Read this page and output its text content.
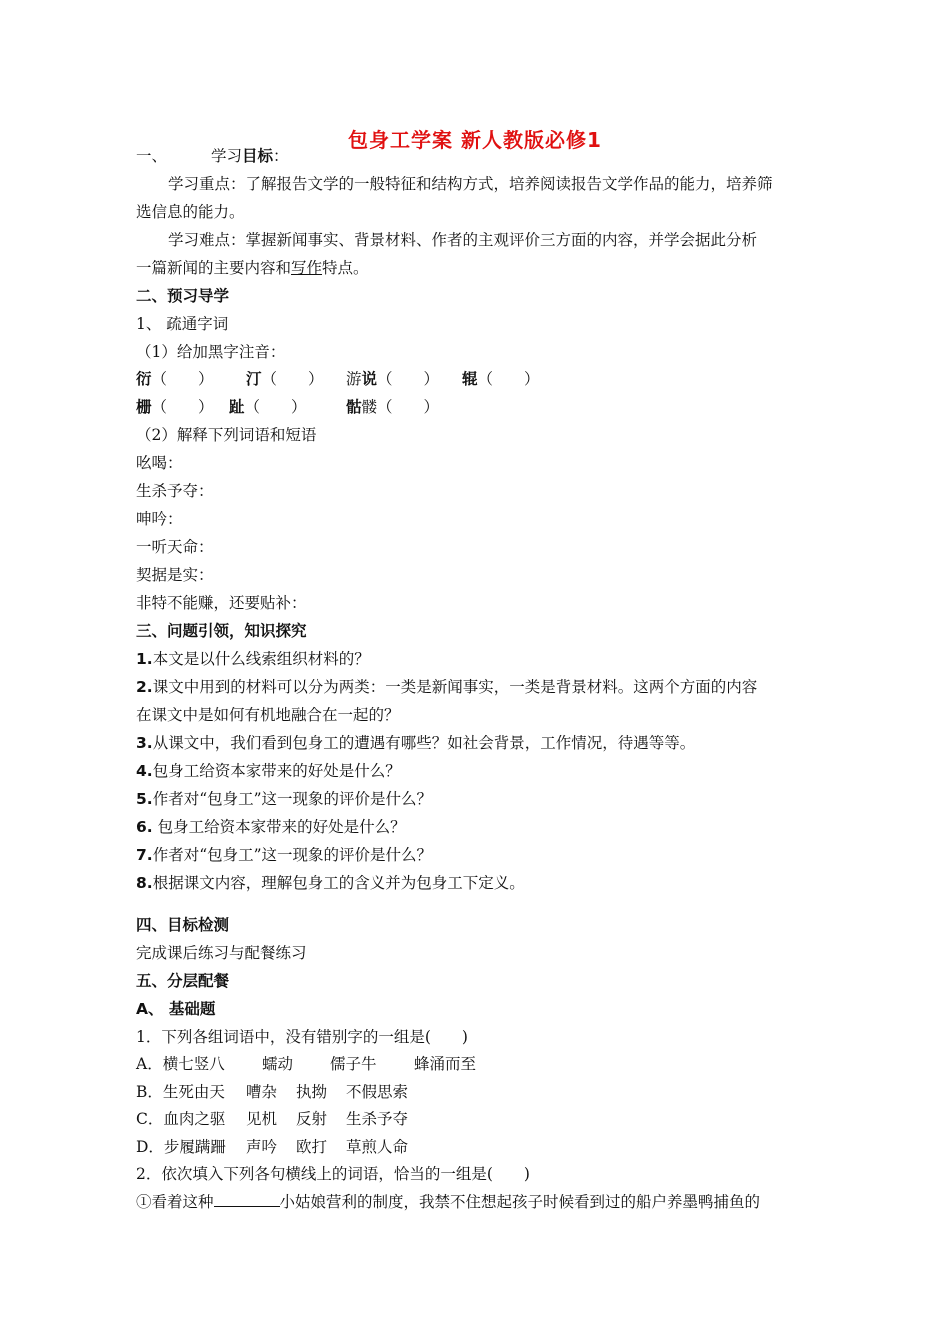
包身工学案 新人教版必修1
一、	学习目标：
学习重点：了解报告文学的一般特征和结构方式，培养阅读报告文学作品的能力，培养筛
选信息的能力。
学习难点：掌握新闻事实、背景材料、作者的主观评价三方面的内容，并学会据此分析
一篇新闻的主要内容和写作特点。
二、预习导学
1、 疏通字词
（1）给加黑字注音：
衍（　　） 汀（　　） 游说（　　） 辊（　　）
栅（　　） 趾（　　）	骷髅（　　）
（2）解释下列词语和短语
吆喝：
生杀予夺：
呻吟：
一听天命：
契据是实：
非特不能赚，还要贴补：
三、问题引领，知识探究
1.本文是以什么线索组织材料的？
2.课文中用到的材料可以分为两类：一类是新闻事实，一类是背景材料。这两个方面的内容
在课文中是如何有机地融合在一起的？
3.从课文中，我们看到包身工的遭遇有哪些？如社会背景，工作情况，待遇等等。
4.包身工给资本家带来的好处是什么？
5.作者对“包身工”这一现象的评价是什么？
6. 包身工给资本家带来的好处是什么？
7.作者对“包身工”这一现象的评价是什么？
8.根据课文内容，理解包身工的含义并为包身工下定义。
四、目标检测
完成课后练习与配餐练习
五、分层配餐
A、 基础题
1．下列各组词语中，没有错别字的一组是(　　)
A．横七竖八 蠕动 儒子牛 蜂涌而至
B．生死由天 嘈杂 执拗 不假思索
C．血肉之驱 见机 反射 生杀予夺
D．步履蹒跚 声吟 欧打 草煎人命
2．依次填入下列各句横线上的词语，恰当的一组是(　　)
①看着这种	小姑娘营利的制度，我禁不住想起孩子时候看到过的船户养墨鸭捕鱼的
